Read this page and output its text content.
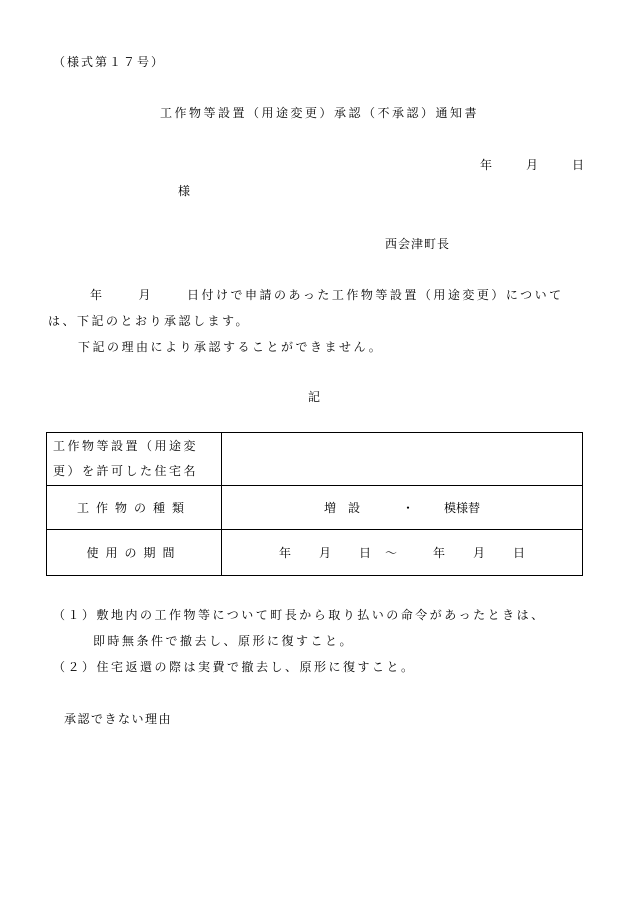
（様式第１７号）
工作物等設置（用途変更）承認（不承認）通知書
年	月	日
様
西会津町長
年	月	日付けで申請のあった工作物等設置（用途変更）について
は、下記のとおり承認します。
下記の理由により承認することができません。
記
工作物等設置（用途変
更）を許可した住宅名	

工作物の種類	増設 ・ 模様替
使用の期間	年 月 日 ～ 年 月 日
（１）敷地内の工作物等について町長から取り払いの命令があったときは、
即時無条件で撤去し、原形に復すこと。
（２）住宅返還の際は実費で撤去し、原形に復すこと。
承認できない理由
